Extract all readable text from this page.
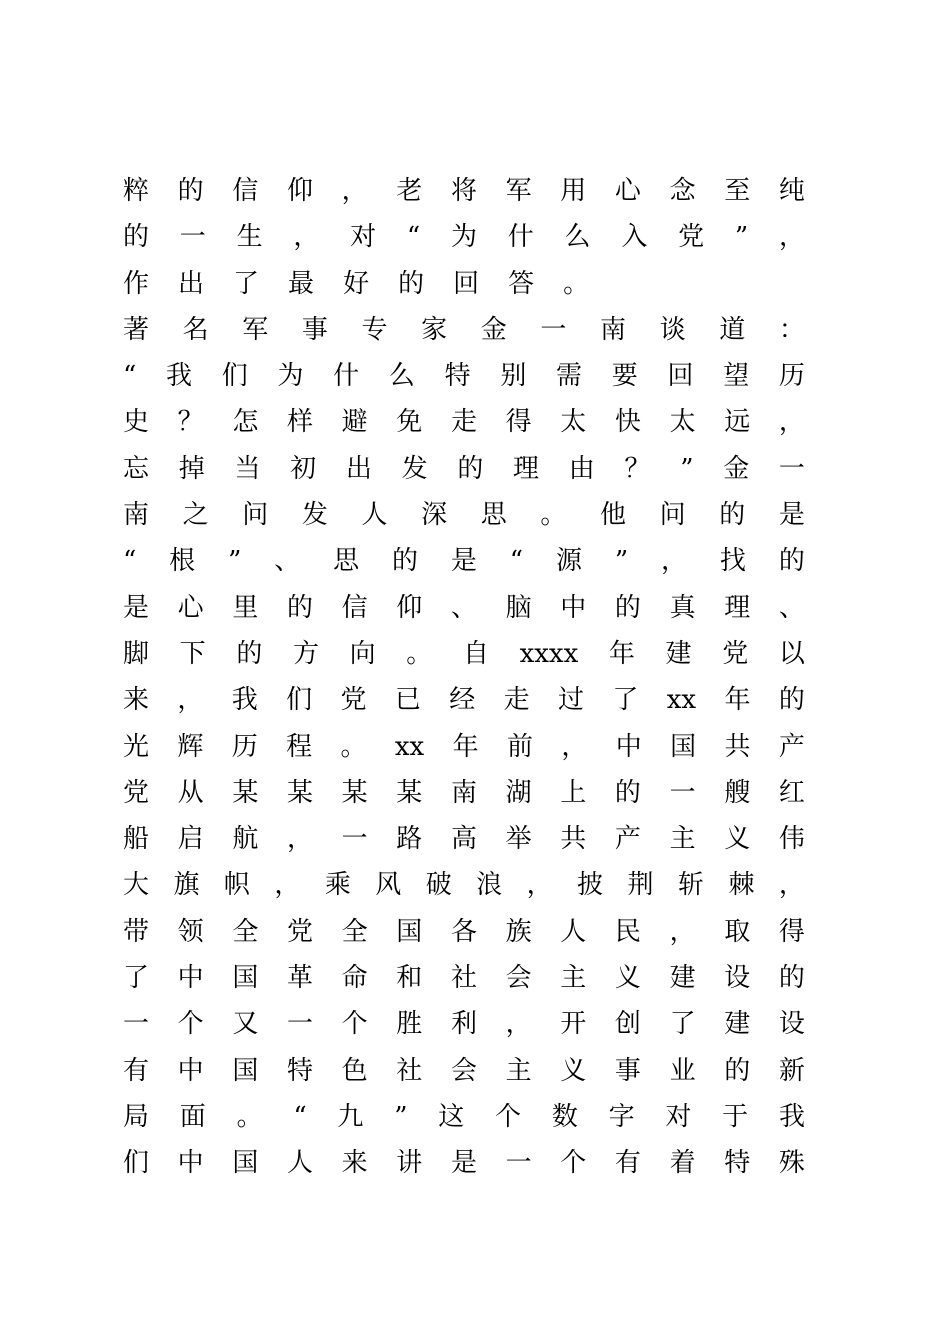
粹 的 信 仰 ， 老 将 军 用 心 念 至 纯
的 一 生 ， 对 “ 为 什 么 入 党 ” ，
作 出 了 最 好 的 回 答 。
著 名 军 事 专 家 金 一 南 谈 道 ：
“ 我 们 为 什 么 特 别 需 要 回 望 历
史 ？ 怎 样 避 免 走 得 太 快 太 远 ，
忘 掉 当 初 出 发 的 理 由 ？ ” 金 一
南 之 问 发 人 深 思 。 他 问 的 是
“ 根 ” 、 思 的 是 “ 源 ” ， 找 的
是 心 里 的 信 仰 、 脑 中 的 真 理 、
脚 下 的 方 向 。 自 xxxx 年 建 党 以
来 ， 我 们 党 已 经 走 过 了 xx 年 的
光 辉 历 程 。 xx 年 前 ， 中 国 共 产
党 从 某 某 某 某 南 湖 上 的 一 艘 红
船 启 航 ， 一 路 高 举 共 产 主 义 伟
大 旗 帜 ， 乘 风 破 浪 ， 披 荆 斩 棘 ，
带 领 全 党 全 国 各 族 人 民 ， 取 得
了 中 国 革 命 和 社 会 主 义 建 设 的
一 个 又 一 个 胜 利 ， 开 创 了 建 设
有 中 国 特 色 社 会 主 义 事 业 的 新
局 面 。 “ 九 ” 这 个 数 字 对 于 我
们 中 国 人 来 讲 是 一 个 有 着 特 殊
